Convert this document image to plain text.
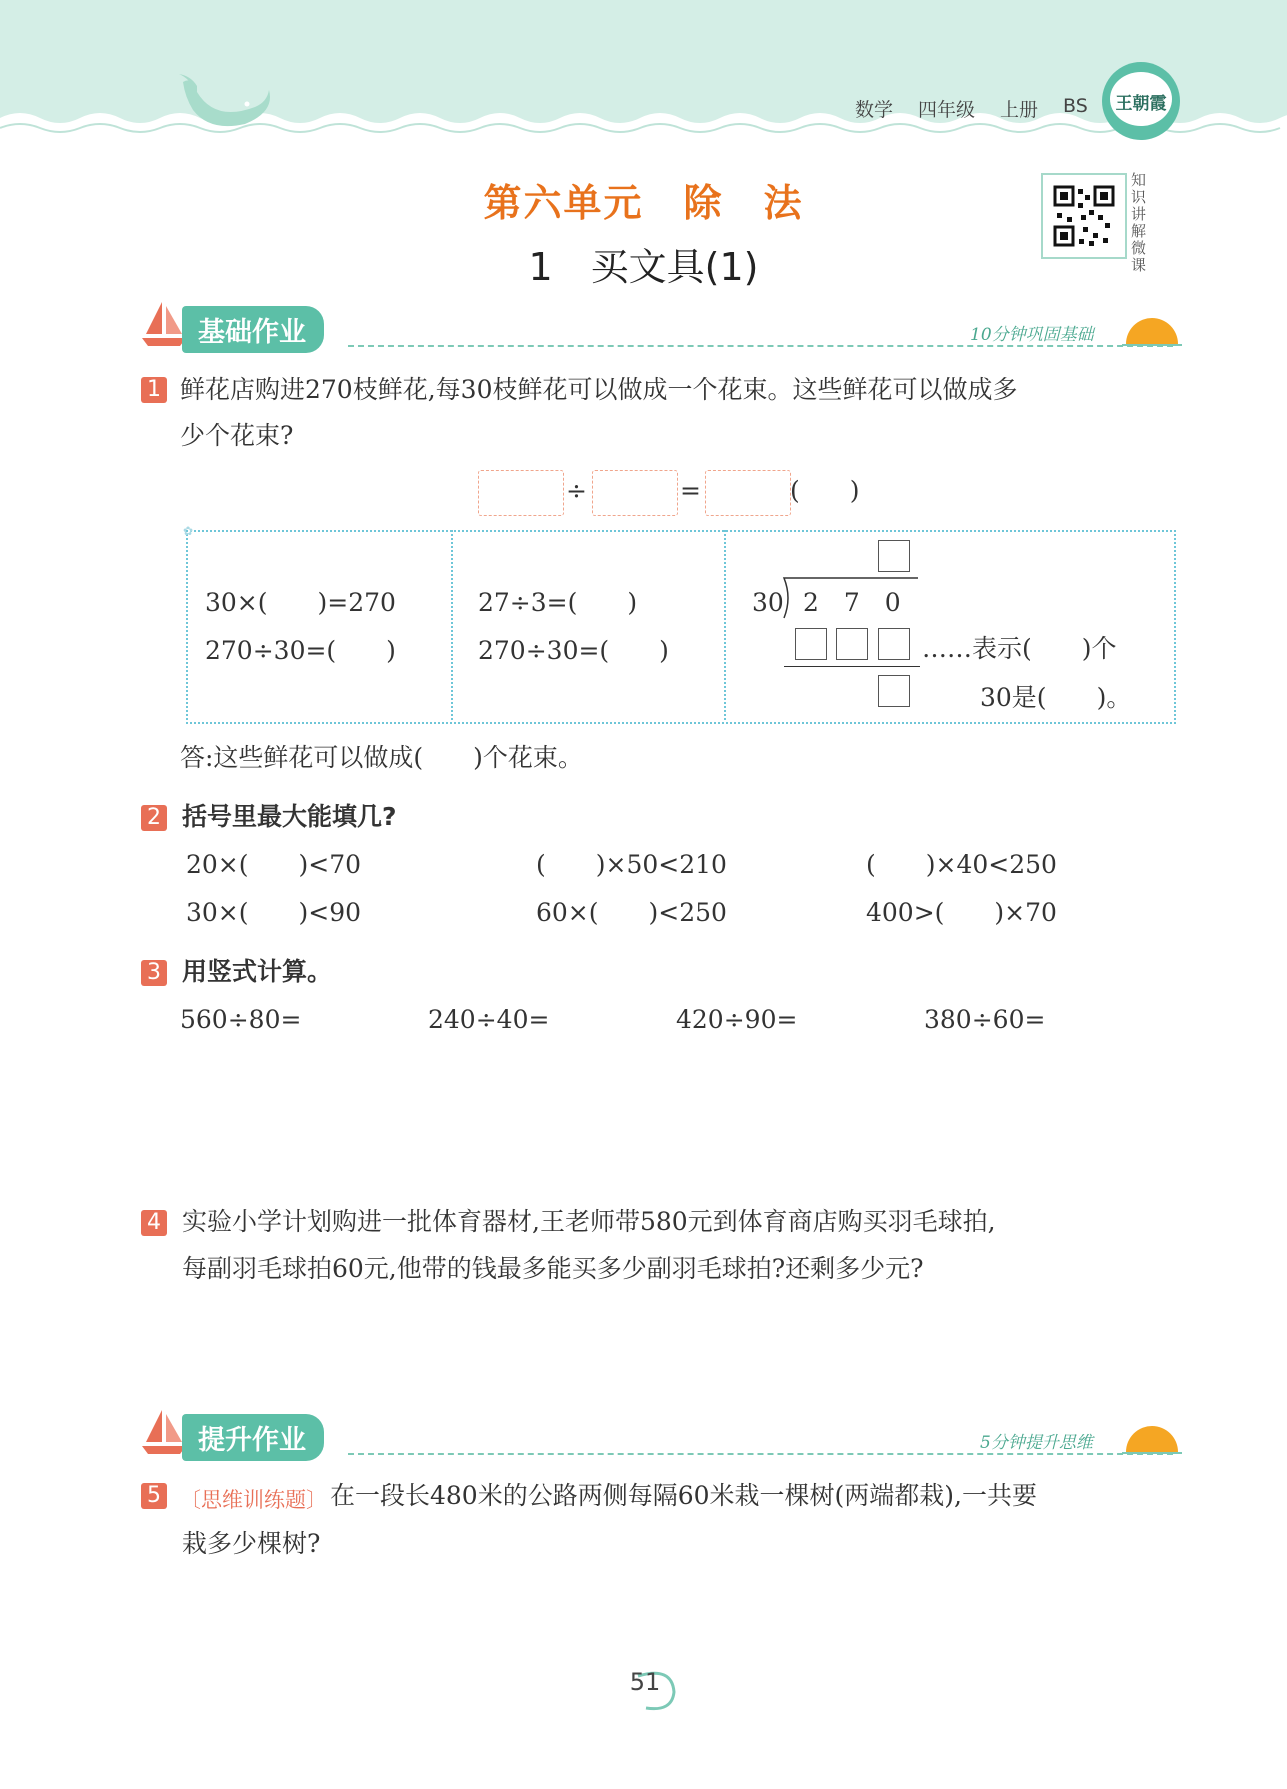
数学 四年级 上册 BS	王朝霞
第六单元　除　法
1　买文具(1)
知识讲解微课
基础作业	10分钟巩固基础
1 鲜花店购进270枝鲜花,每30枝鲜花可以做成一个花束。这些鲜花可以做成多
少个花束?
÷	=	(　　)
✿
30×(　　)=270
270÷30=(　　)
27÷3=(　　)
270÷30=(　　)
30 2　7　0
……表示(　　)个
30是(　　)。
答:这些鲜花可以做成(　　)个花束。
2 括号里最大能填几?
20×(　　)<70	(　　)×50<210	(　　)×40<250
30×(　　)<90	60×(　　)<250	400>(　　)×70
3 用竖式计算。
560÷80=	240÷40=	420÷90=	380÷60=
4 实验小学计划购进一批体育器材,王老师带580元到体育商店购买羽毛球拍,
每副羽毛球拍60元,他带的钱最多能买多少副羽毛球拍?还剩多少元?
提升作业	5分钟提升思维
5 〔思维训练题〕 在一段长480米的公路两侧每隔60米栽一棵树(两端都栽),一共要
栽多少棵树?
51
